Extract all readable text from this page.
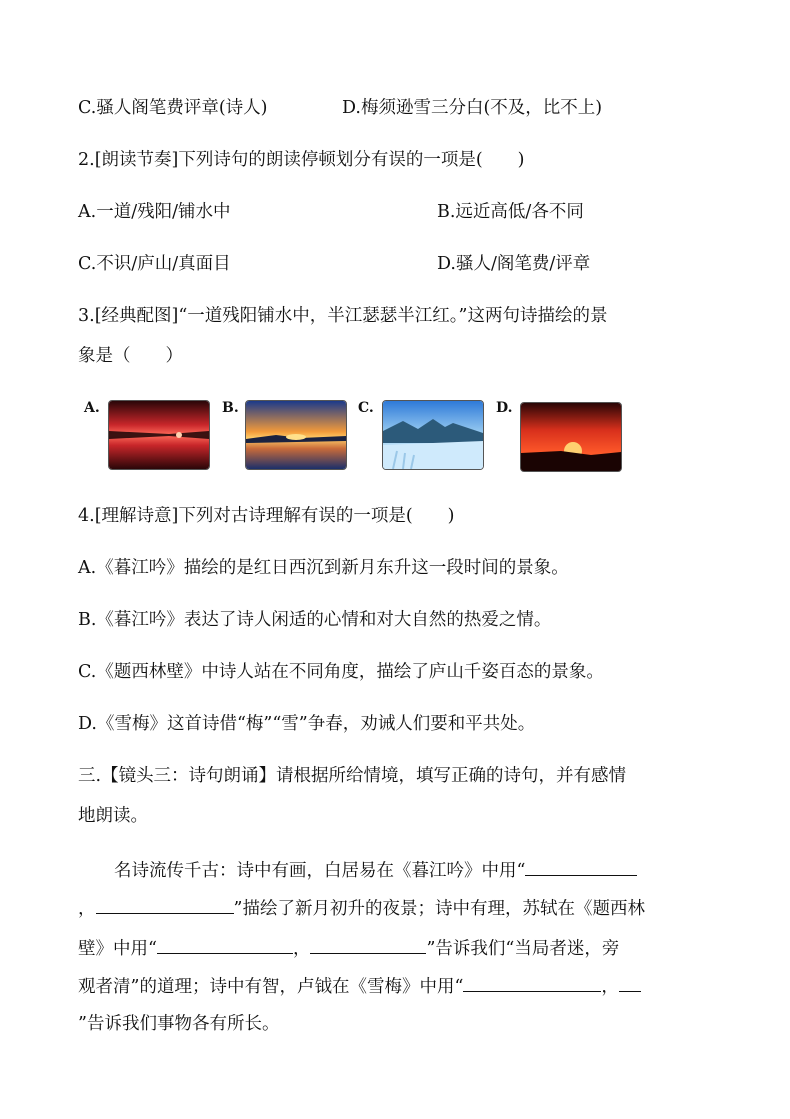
C.骚人阁笔费评章(诗人)	D.梅须逊雪三分白(不及，比不上)
2.[朗读节奏]下列诗句的朗读停顿划分有误的一项是(　　)
A.一道/残阳/铺水中	B.远近高低/各不同
C.不识/庐山/真面目	D.骚人/阁笔费/评章
3.[经典配图]“一道残阳铺水中，半江瑟瑟半江红。”这两句诗描绘的景
象是（　　）
A.	B.	C.	D.
4.[理解诗意]下列对古诗理解有误的一项是(　　)
A.《暮江吟》描绘的是红日西沉到新月东升这一段时间的景象。
B.《暮江吟》表达了诗人闲适的心情和对大自然的热爱之情。
C.《题西林壁》中诗人站在不同角度，描绘了庐山千姿百态的景象。
D.《雪梅》这首诗借“梅”“雪”争春，劝诫人们要和平共处。
三.【镜头三：诗句朗诵】请根据所给情境，填写正确的诗句，并有感情
地朗读。
名诗流传千古：诗中有画，白居易在《暮江吟》中用“
，	”描绘了新月初升的夜景；诗中有理，苏轼在《题西林
壁》中用“	，	”告诉我们“当局者迷，旁
观者清”的道理；诗中有智，卢钺在《雪梅》中用“	，
”告诉我们事物各有所长。
